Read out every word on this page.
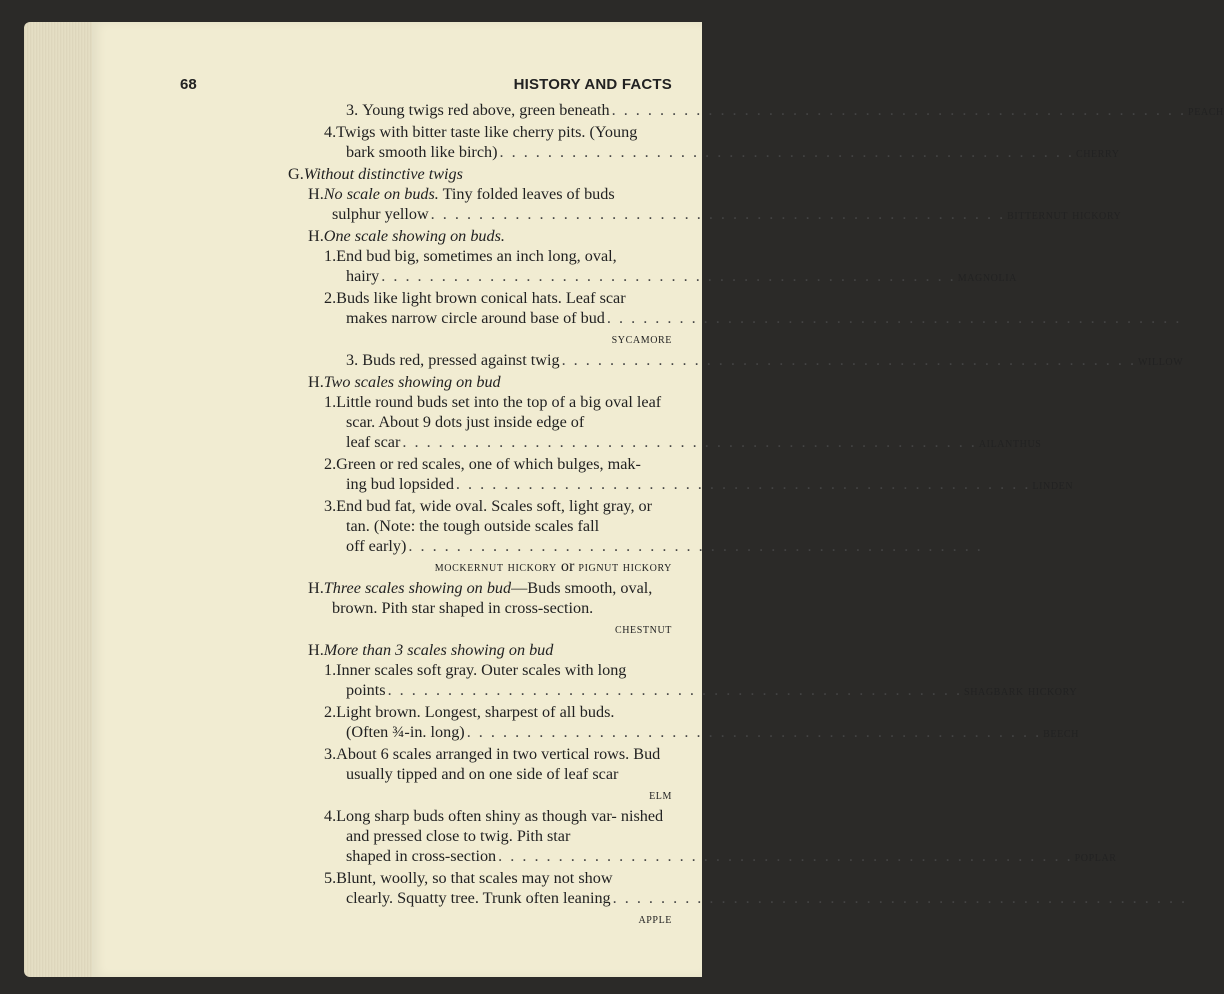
68	HISTORY AND FACTS
3. Young twigs red above, green beneath . . . . . . . . . . . . . . . . . . . . . . . . . . . . . . . . . . . . . . . . . . . . . . . . peach
4.Twigs with bitter taste like cherry pits. (Young
bark smooth like birch) . . . . . . . . . . . . . . . . . . . . . . . . . . . . . . . . . . . . . . . . . . . . . . . . cherry
G.Without distinctive twigs
H.No scale on buds. Tiny folded leaves of buds
sulphur yellow . . . . . . . . . . . . . . . . . . . . . . . . . . . . . . . . . . . . . . . . . . . . . . . . bitternut hickory
H.One scale showing on buds.
1.End bud big, sometimes an inch long, oval,
hairy . . . . . . . . . . . . . . . . . . . . . . . . . . . . . . . . . . . . . . . . . . . . . . . . magnolia
2.Buds like light brown conical hats. Leaf scar
makes narrow circle around base of bud . . . . . . . . . . . . . . . . . . . . . . . . . . . . . . . . . . . . . . . . . . . . . . . .
sycamore
3. Buds red, pressed against twig . . . . . . . . . . . . . . . . . . . . . . . . . . . . . . . . . . . . . . . . . . . . . . . . willow
H.Two scales showing on bud
1.Little round buds set into the top of a big oval leaf scar. About 9 dots just inside edge of
leaf scar . . . . . . . . . . . . . . . . . . . . . . . . . . . . . . . . . . . . . . . . . . . . . . . . ailanthus
2.Green or red scales, one of which bulges, mak-
ing bud lopsided . . . . . . . . . . . . . . . . . . . . . . . . . . . . . . . . . . . . . . . . . . . . . . . . linden
3.End bud fat, wide oval. Scales soft, light gray, or tan. (Note: the tough outside scales fall
off early) . . . . . . . . . . . . . . . . . . . . . . . . . . . . . . . . . . . . . . . . . . . . . . . .
mockernut hickory or pignut hickory
H.Three scales showing on bud—Buds smooth, oval, brown. Pith star shaped in cross-section.
chestnut
H.More than 3 scales showing on bud
1.Inner scales soft gray. Outer scales with long
points . . . . . . . . . . . . . . . . . . . . . . . . . . . . . . . . . . . . . . . . . . . . . . . . shagbark hickory
2.Light brown. Longest, sharpest of all buds.
(Often ¾-in. long) . . . . . . . . . . . . . . . . . . . . . . . . . . . . . . . . . . . . . . . . . . . . . . . . beech
3.About 6 scales arranged in two vertical rows. Bud usually tipped and on one side of leaf scar
elm
4.Long sharp buds often shiny as though var- nished and pressed close to twig. Pith star
shaped in cross-section . . . . . . . . . . . . . . . . . . . . . . . . . . . . . . . . . . . . . . . . . . . . . . . . poplar
5.Blunt, woolly, so that scales may not show
clearly. Squatty tree. Trunk often leaning . . . . . . . . . . . . . . . . . . . . . . . . . . . . . . . . . . . . . . . . . . . . . . . .
apple
